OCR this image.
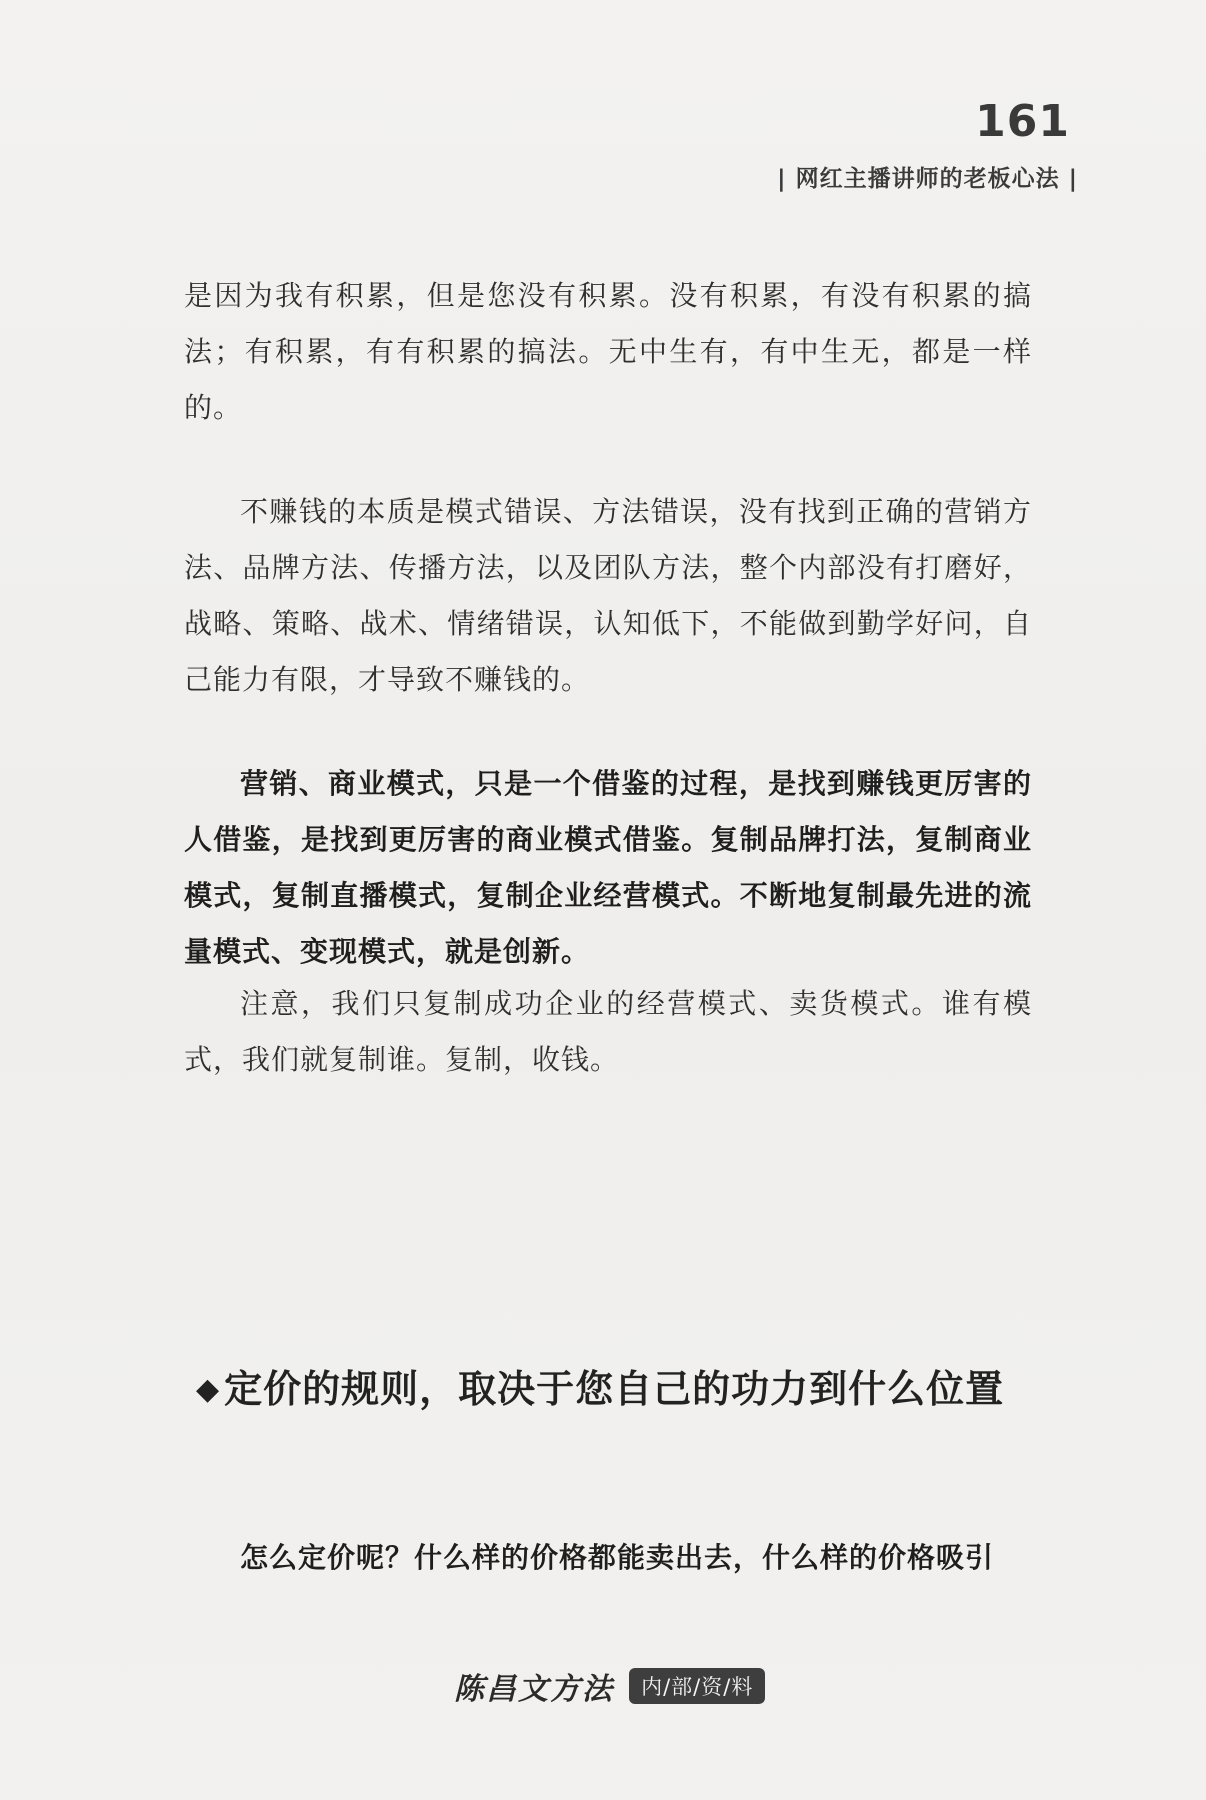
161
| 网红主播讲师的老板心法 |

是因为我有积累，但是您没有积累。没有积累，有没有积累的搞法；有积累，有有积累的搞法。无中生有，有中生无，都是一样的。

不赚钱的本质是模式错误、方法错误，没有找到正确的营销方法、品牌方法、传播方法，以及团队方法，整个内部没有打磨好，战略、策略、战术、情绪错误，认知低下，不能做到勤学好问，自己能力有限，才导致不赚钱的。

营销、商业模式，只是一个借鉴的过程，是找到赚钱更厉害的人借鉴，是找到更厉害的商业模式借鉴。复制品牌打法，复制商业模式，复制直播模式，复制企业经营模式。不断地复制最先进的流量模式、变现模式，就是创新。

注意，我们只复制成功企业的经营模式、卖货模式。谁有模式，我们就复制谁。复制，收钱。

◆ 定价的规则，取决于您自己的功力到什么位置

怎么定价呢？什么样的价格都能卖出去，什么样的价格吸引

陈昌文方法 内/部/资/料
